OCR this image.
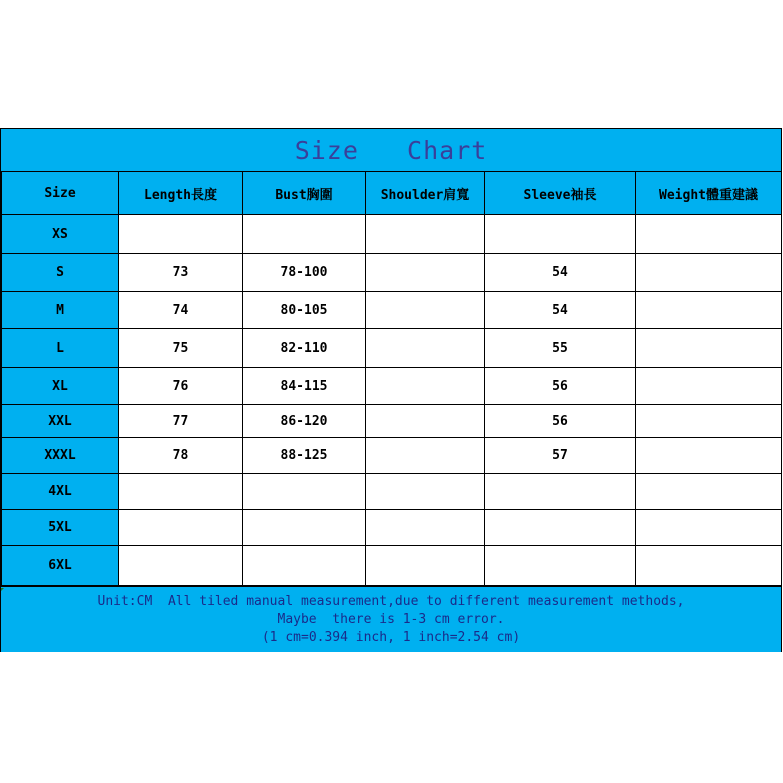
Size   Chart
Size	Length長度	Bust胸圍	Shoulder肩寬	Sleeve袖長	Weight體重建議
XS					
S	73	78-100		54	
M	74	80-105		54	
L	75	82-110		55	
XL	76	84-115		56	
XXL	77	86-120		56	
XXXL	78	88-125		57	
4XL					
5XL					
6XL					
Unit:CM  All tiled manual measurement,due to different measurement methods,
Maybe  there is 1-3 cm error.
(1 cm=0.394 inch, 1 inch=2.54 cm)
